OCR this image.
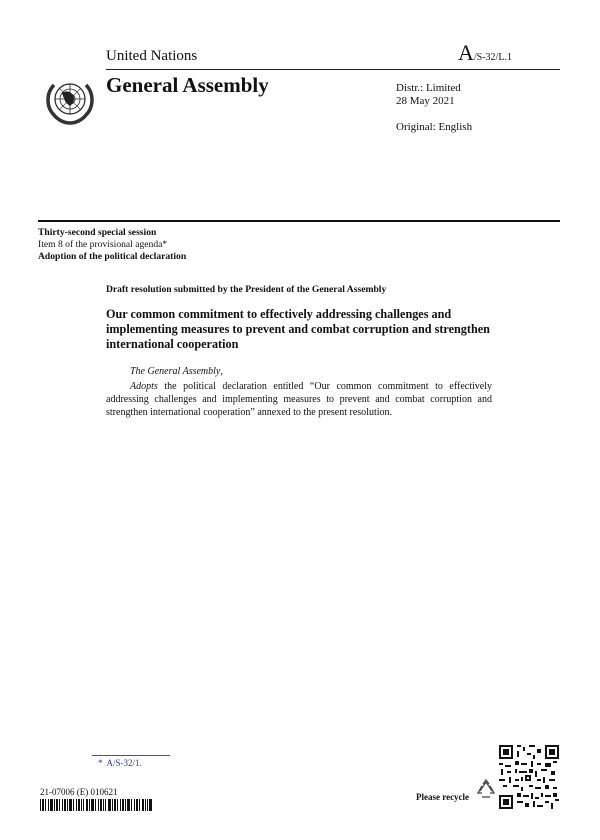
United Nations	A/S-32/L.1
General Assembly	Distr.: Limited
28 May 2021
Original: English
Thirty-second special session
Item 8 of the provisional agenda*
Adoption of the political declaration
Draft resolution submitted by the President of the General Assembly
Our common commitment to effectively addressing challenges and implementing measures to prevent and combat corruption and strengthen international cooperation
The General Assembly,
Adopts the political declaration entitled “Our common commitment to effectively addressing challenges and implementing measures to prevent and combat corruption and strengthen international cooperation” annexed to the present resolution.
* A/S-32/1.
21-07006 (E) 010621	Please recycle
